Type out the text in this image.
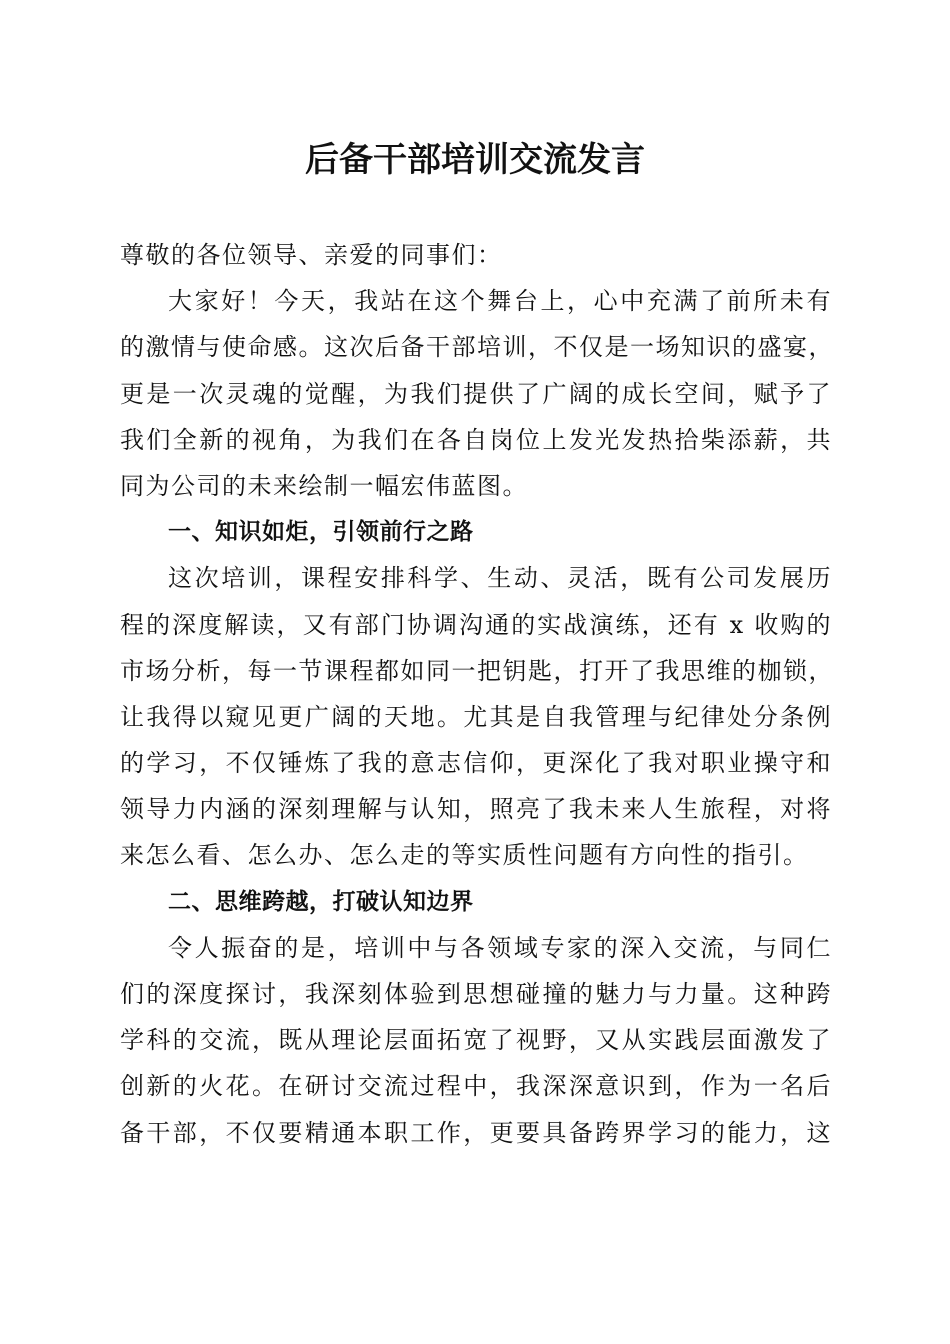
后备干部培训交流发言
尊敬的各位领导、亲爱的同事们：
大家好！今天，我站在这个舞台上，心中充满了前所未有
的激情与使命感。这次后备干部培训，不仅是一场知识的盛宴，
更是一次灵魂的觉醒，为我们提供了广阔的成长空间，赋予了
我们全新的视角，为我们在各自岗位上发光发热拾柴添薪，共
同为公司的未来绘制一幅宏伟蓝图。
一、知识如炬，引领前行之路
这次培训，课程安排科学、生动、灵活，既有公司发展历
程的深度解读，又有部门协调沟通的实战演练，还有 x 收购的
市场分析，每一节课程都如同一把钥匙，打开了我思维的枷锁，
让我得以窥见更广阔的天地。尤其是自我管理与纪律处分条例
的学习，不仅锤炼了我的意志信仰，更深化了我对职业操守和
领导力内涵的深刻理解与认知，照亮了我未来人生旅程，对将
来怎么看、怎么办、怎么走的等实质性问题有方向性的指引。
二、思维跨越，打破认知边界
令人振奋的是，培训中与各领域专家的深入交流，与同仁
们的深度探讨，我深刻体验到思想碰撞的魅力与力量。这种跨
学科的交流，既从理论层面拓宽了视野，又从实践层面激发了
创新的火花。在研讨交流过程中，我深深意识到，作为一名后
备干部，不仅要精通本职工作，更要具备跨界学习的能力，这
